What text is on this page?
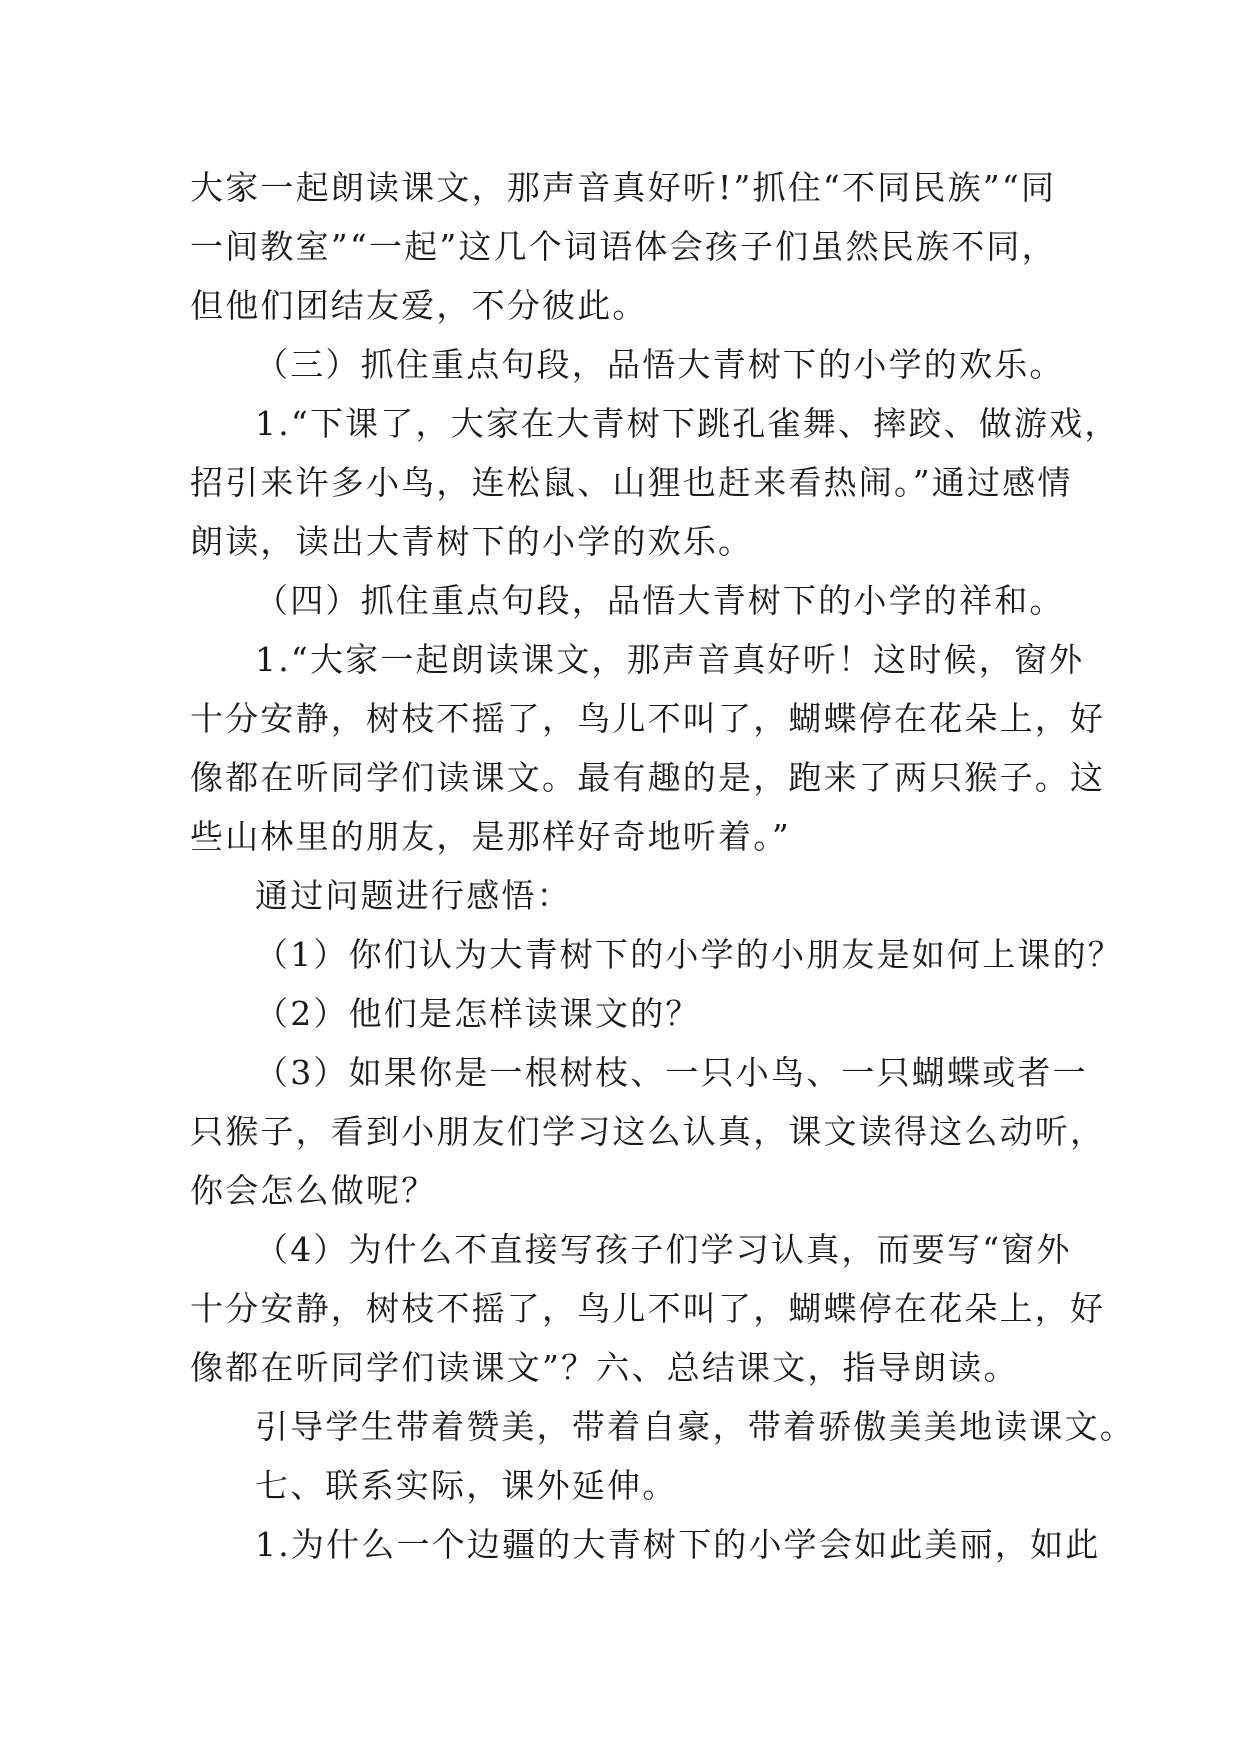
大家一起朗读课文，那声音真好听!”抓住“不同民族”“同
一间教室”“一起”这几个词语体会孩子们虽然民族不同，
但他们团结友爱，不分彼此。
（三）抓住重点句段，品悟大青树下的小学的欢乐。
1.“下课了，大家在大青树下跳孔雀舞、摔跤、做游戏，
招引来许多小鸟，连松鼠、山狸也赶来看热闹。”通过感情
朗读，读出大青树下的小学的欢乐。
（四）抓住重点句段，品悟大青树下的小学的祥和。
1.“大家一起朗读课文，那声音真好听！这时候，窗外
十分安静，树枝不摇了，鸟儿不叫了，蝴蝶停在花朵上，好
像都在听同学们读课文。最有趣的是，跑来了两只猴子。这
些山林里的朋友，是那样好奇地听着。”
通过问题进行感悟：
（1）你们认为大青树下的小学的小朋友是如何上课的？
（2）他们是怎样读课文的？
（3）如果你是一根树枝、一只小鸟、一只蝴蝶或者一
只猴子，看到小朋友们学习这么认真，课文读得这么动听，
你会怎么做呢？
（4）为什么不直接写孩子们学习认真，而要写“窗外
十分安静，树枝不摇了，鸟儿不叫了，蝴蝶停在花朵上，好
像都在听同学们读课文”？六、总结课文，指导朗读。
引导学生带着赞美，带着自豪，带着骄傲美美地读课文。
七、联系实际，课外延伸。
1.为什么一个边疆的大青树下的小学会如此美丽，如此
